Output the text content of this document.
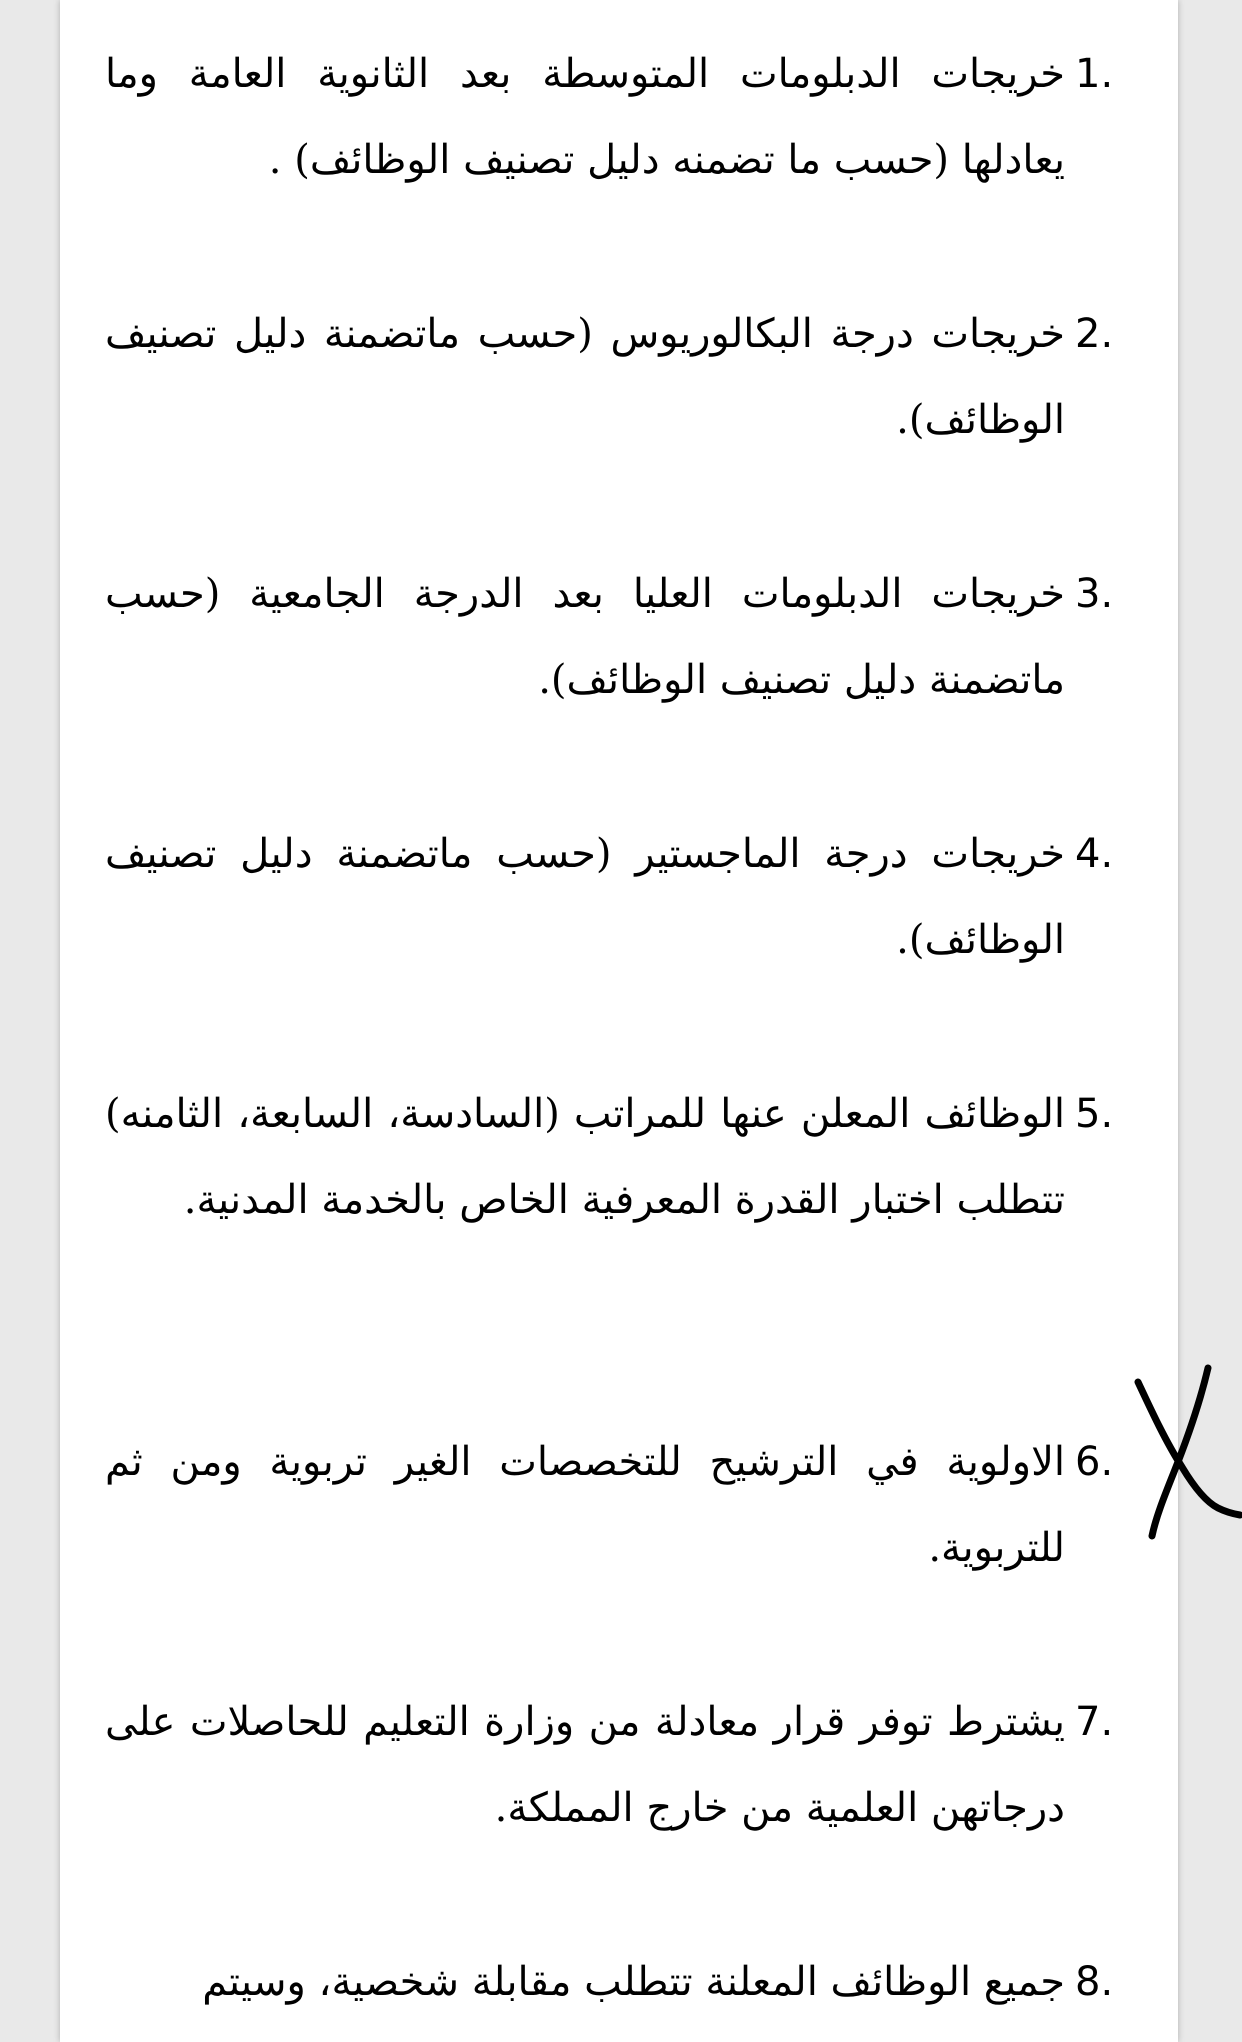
1.
خريجات الدبلومات المتوسطة بعد الثانوية العامة وما يعادلها (حسب ما تضمنه دليل تصنيف الوظائف) .
2.
خريجات درجة البكالوريوس (حسب ماتضمنة دليل تصنيف الوظائف).
3.
خريجات الدبلومات العليا بعد الدرجة الجامعية (حسب ماتضمنة دليل تصنيف الوظائف).
4.
خريجات درجة الماجستير (حسب ماتضمنة دليل تصنيف الوظائف).
5.
الوظائف المعلن عنها للمراتب (السادسة، السابعة، الثامنه) تتطلب اختبار القدرة المعرفية الخاص بالخدمة المدنية.
6.
الاولوية في الترشيح للتخصصات الغير تربوية ومن ثم للتربوية.
7.
يشترط توفر قرار معادلة من وزارة التعليم للحاصلات على درجاتهن العلمية من خارج المملكة.
8.
جميع الوظائف المعلنة تتطلب مقابلة شخصية، وسيتم
